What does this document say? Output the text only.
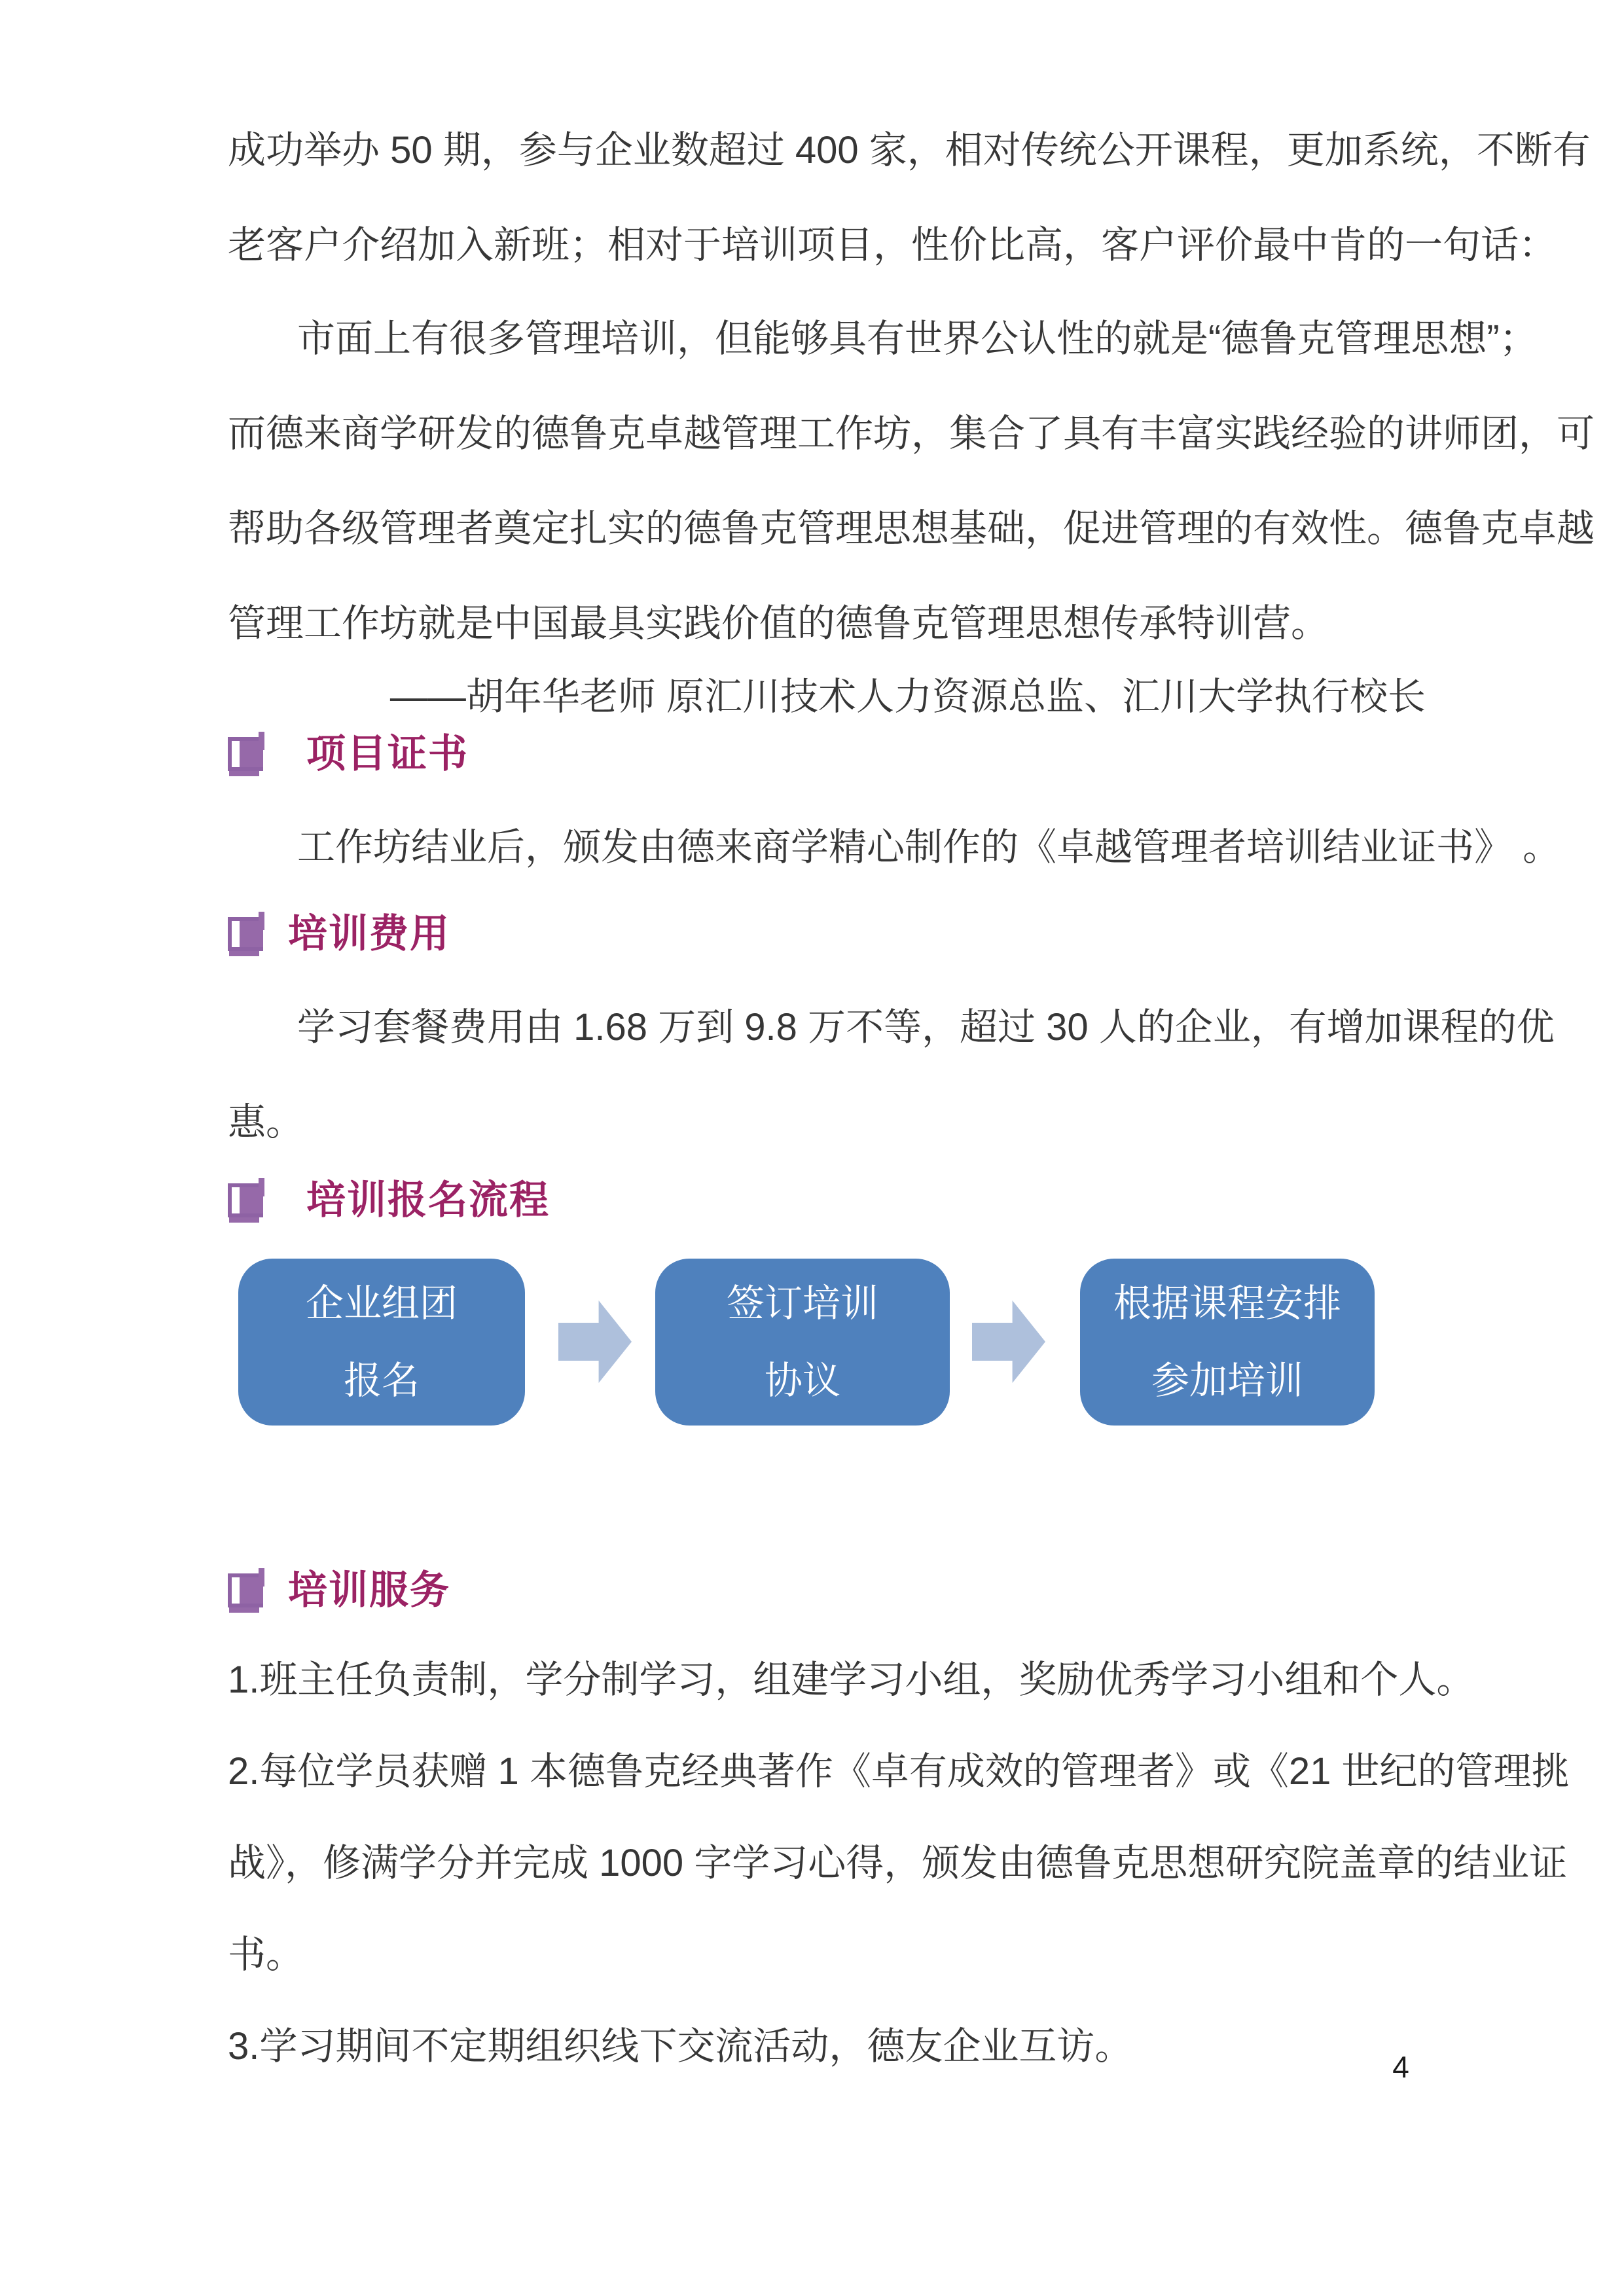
成功举办 50 期，参与企业数超过 400 家，相对传统公开课程，更加系统，不断有
老客户介绍加入新班；相对于培训项目，性价比高，客户评价最中肯的一句话：
市面上有很多管理培训，但能够具有世界公认性的就是“德鲁克管理思想”；
而德来商学研发的德鲁克卓越管理工作坊，集合了具有丰富实践经验的讲师团，可
帮助各级管理者奠定扎实的德鲁克管理思想基础，促进管理的有效性。德鲁克卓越
管理工作坊就是中国最具实践价值的德鲁克管理思想传承特训营。
——胡年华老师 原汇川技术人力资源总监、汇川大学执行校长
项目证书
工作坊结业后，颁发由德来商学精心制作的《卓越管理者培训结业证书》 。
培训费用
学习套餐费用由 1.68 万到 9.8 万不等，超过 30 人的企业，有增加课程的优
惠。
培训报名流程
企业组团
报名
签订培训
协议
根据课程安排
参加培训
培训服务
1.班主任负责制，学分制学习，组建学习小组，奖励优秀学习小组和个人。
2.每位学员获赠 1 本德鲁克经典著作《卓有成效的管理者》或《21 世纪的管理挑
战》，修满学分并完成 1000 字学习心得，颁发由德鲁克思想研究院盖章的结业证
书。
3.学习期间不定期组织线下交流活动，德友企业互访。	4
